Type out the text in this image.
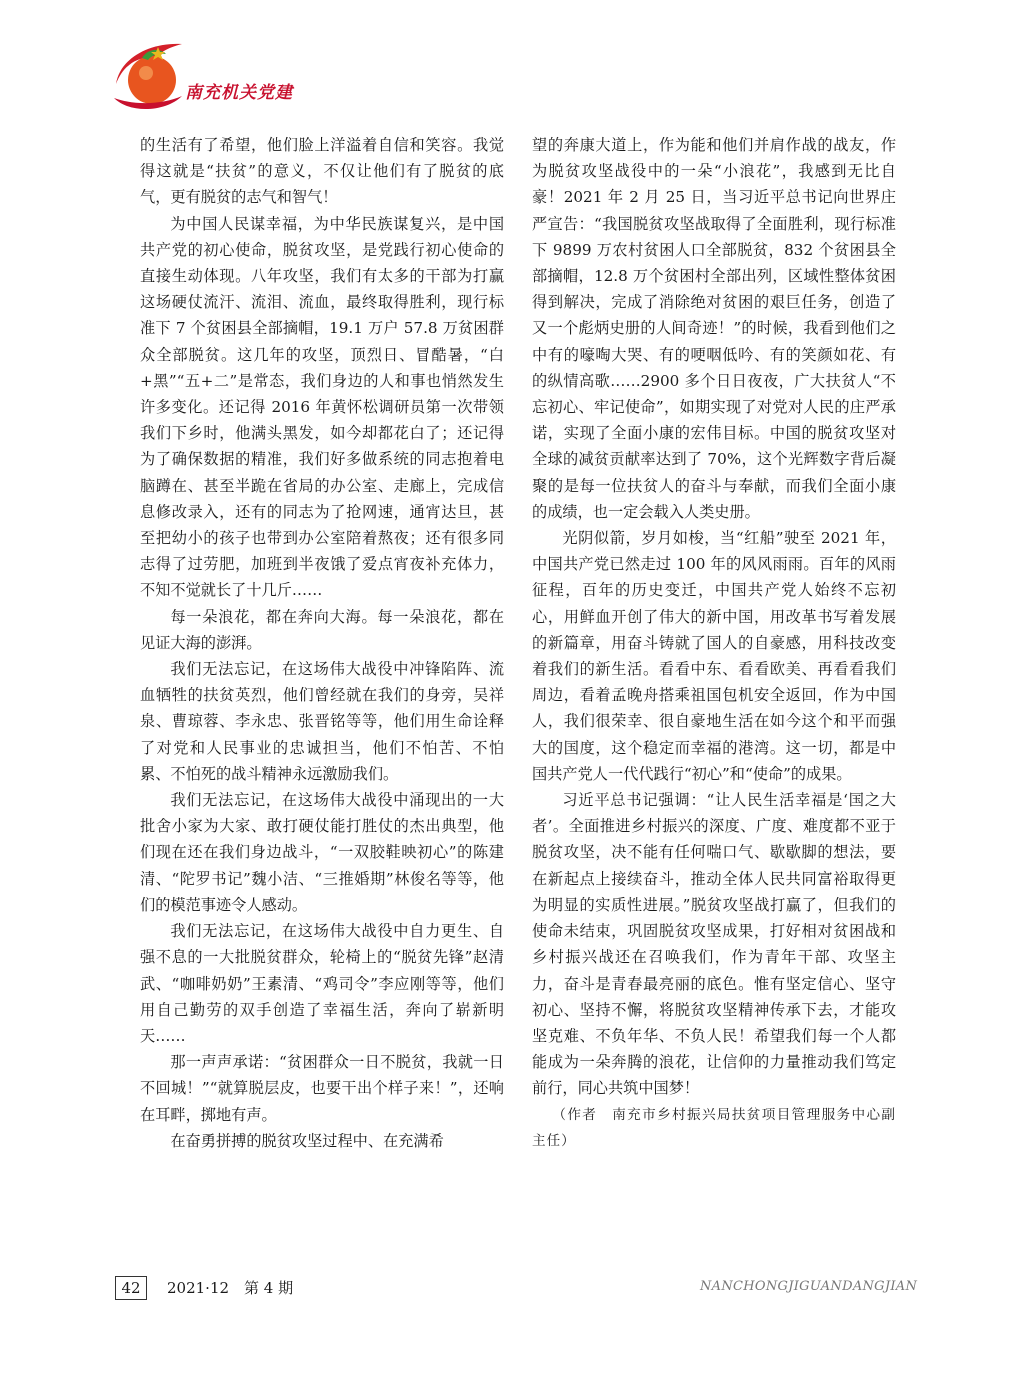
南充机关党建

的生活有了希望，他们脸上洋溢着自信和笑容。我觉得这就是“扶贫”的意义，不仅让他们有了脱贫的底气，更有脱贫的志气和智气！

为中国人民谋幸福，为中华民族谋复兴，是中国共产党的初心使命，脱贫攻坚，是党践行初心使命的直接生动体现。八年攻坚，我们有太多的干部为打赢这场硬仗流汗、流泪、流血，最终取得胜利，现行标准下 7 个贫困县全部摘帽，19.1 万户 57.8 万贫困群众全部脱贫。这几年的攻坚，顶烈日、冒酷暑，“白+黑”“五+二”是常态，我们身边的人和事也悄然发生许多变化。还记得 2016 年黄怀松调研员第一次带领我们下乡时，他满头黑发，如今却都花白了；还记得为了确保数据的精准，我们好多做系统的同志抱着电脑蹲在、甚至半跪在省局的办公室、走廊上，完成信息修改录入，还有的同志为了抢网速，通宵达旦，甚至把幼小的孩子也带到办公室陪着熬夜；还有很多同志得了过劳肥，加班到半夜饿了爱点宵夜补充体力，不知不觉就长了十几斤……

每一朵浪花，都在奔向大海。每一朵浪花，都在见证大海的澎湃。

我们无法忘记，在这场伟大战役中冲锋陷阵、流血牺牲的扶贫英烈，他们曾经就在我们的身旁，吴祥泉、曹琼蓉、李永忠、张晋铭等等，他们用生命诠释了对党和人民事业的忠诚担当，他们不怕苦、不怕累、不怕死的战斗精神永远激励我们。

我们无法忘记，在这场伟大战役中涌现出的一大批舍小家为大家、敢打硬仗能打胜仗的杰出典型，他们现在还在我们身边战斗，“一双胶鞋映初心”的陈建清、“陀罗书记”魏小洁、“三推婚期”林俊名等等，他们的模范事迹令人感动。

我们无法忘记，在这场伟大战役中自力更生、自强不息的一大批脱贫群众，轮椅上的“脱贫先锋”赵清武、“咖啡奶奶”王素清、“鸡司令”李应刚等等，他们用自己勤劳的双手创造了幸福生活，奔向了崭新明天……

那一声声承诺：“贫困群众一日不脱贫，我就一日不回城！”“就算脱层皮，也要干出个样子来！”，还响在耳畔，掷地有声。

在奋勇拼搏的脱贫攻坚过程中、在充满希

望的奔康大道上，作为能和他们并肩作战的战友，作为脱贫攻坚战役中的一朵“小浪花”，我感到无比自豪！2021 年 2 月 25 日，当习近平总书记向世界庄严宣告：“我国脱贫攻坚战取得了全面胜利，现行标准下 9899 万农村贫困人口全部脱贫，832 个贫困县全部摘帽，12.8 万个贫困村全部出列，区域性整体贫困得到解决，完成了消除绝对贫困的艰巨任务，创造了又一个彪炳史册的人间奇迹！”的时候，我看到他们之中有的嚎啕大哭、有的哽咽低吟、有的笑颜如花、有的纵情高歌……2900 多个日日夜夜，广大扶贫人“不忘初心、牢记使命”，如期实现了对党对人民的庄严承诺，实现了全面小康的宏伟目标。中国的脱贫攻坚对全球的减贫贡献率达到了 70%，这个光辉数字背后凝聚的是每一位扶贫人的奋斗与奉献，而我们全面小康的成绩，也一定会载入人类史册。

光阴似箭，岁月如梭，当“红船”驶至 2021 年，中国共产党已然走过 100 年的风风雨雨。百年的风雨征程，百年的历史变迁，中国共产党人始终不忘初心，用鲜血开创了伟大的新中国，用改革书写着发展的新篇章，用奋斗铸就了国人的自豪感，用科技改变着我们的新生活。看看中东、看看欧美、再看看我们周边，看着孟晚舟搭乘祖国包机安全返回，作为中国人，我们很荣幸、很自豪地生活在如今这个和平而强大的国度，这个稳定而幸福的港湾。这一切，都是中国共产党人一代代践行“初心”和“使命”的成果。

习近平总书记强调：“让人民生活幸福是‘国之大者’。全面推进乡村振兴的深度、广度、难度都不亚于脱贫攻坚，决不能有任何喘口气、歇歇脚的想法，要在新起点上接续奋斗，推动全体人民共同富裕取得更为明显的实质性进展。”脱贫攻坚战打赢了，但我们的使命未结束，巩固脱贫攻坚成果，打好相对贫困战和乡村振兴战还在召唤我们，作为青年干部、攻坚主力，奋斗是青春最亮丽的底色。惟有坚定信心、坚守初心、坚持不懈，将脱贫攻坚精神传承下去，才能攻坚克难、不负年华、不负人民！希望我们每一个人都能成为一朵奔腾的浪花，让信仰的力量推动我们笃定前行，同心共筑中国梦！

（作者　南充市乡村振兴局扶贫项目管理服务中心副主任）

42	2021·12　第 4 期	NANCHONGJIGUANDANGJIAN
